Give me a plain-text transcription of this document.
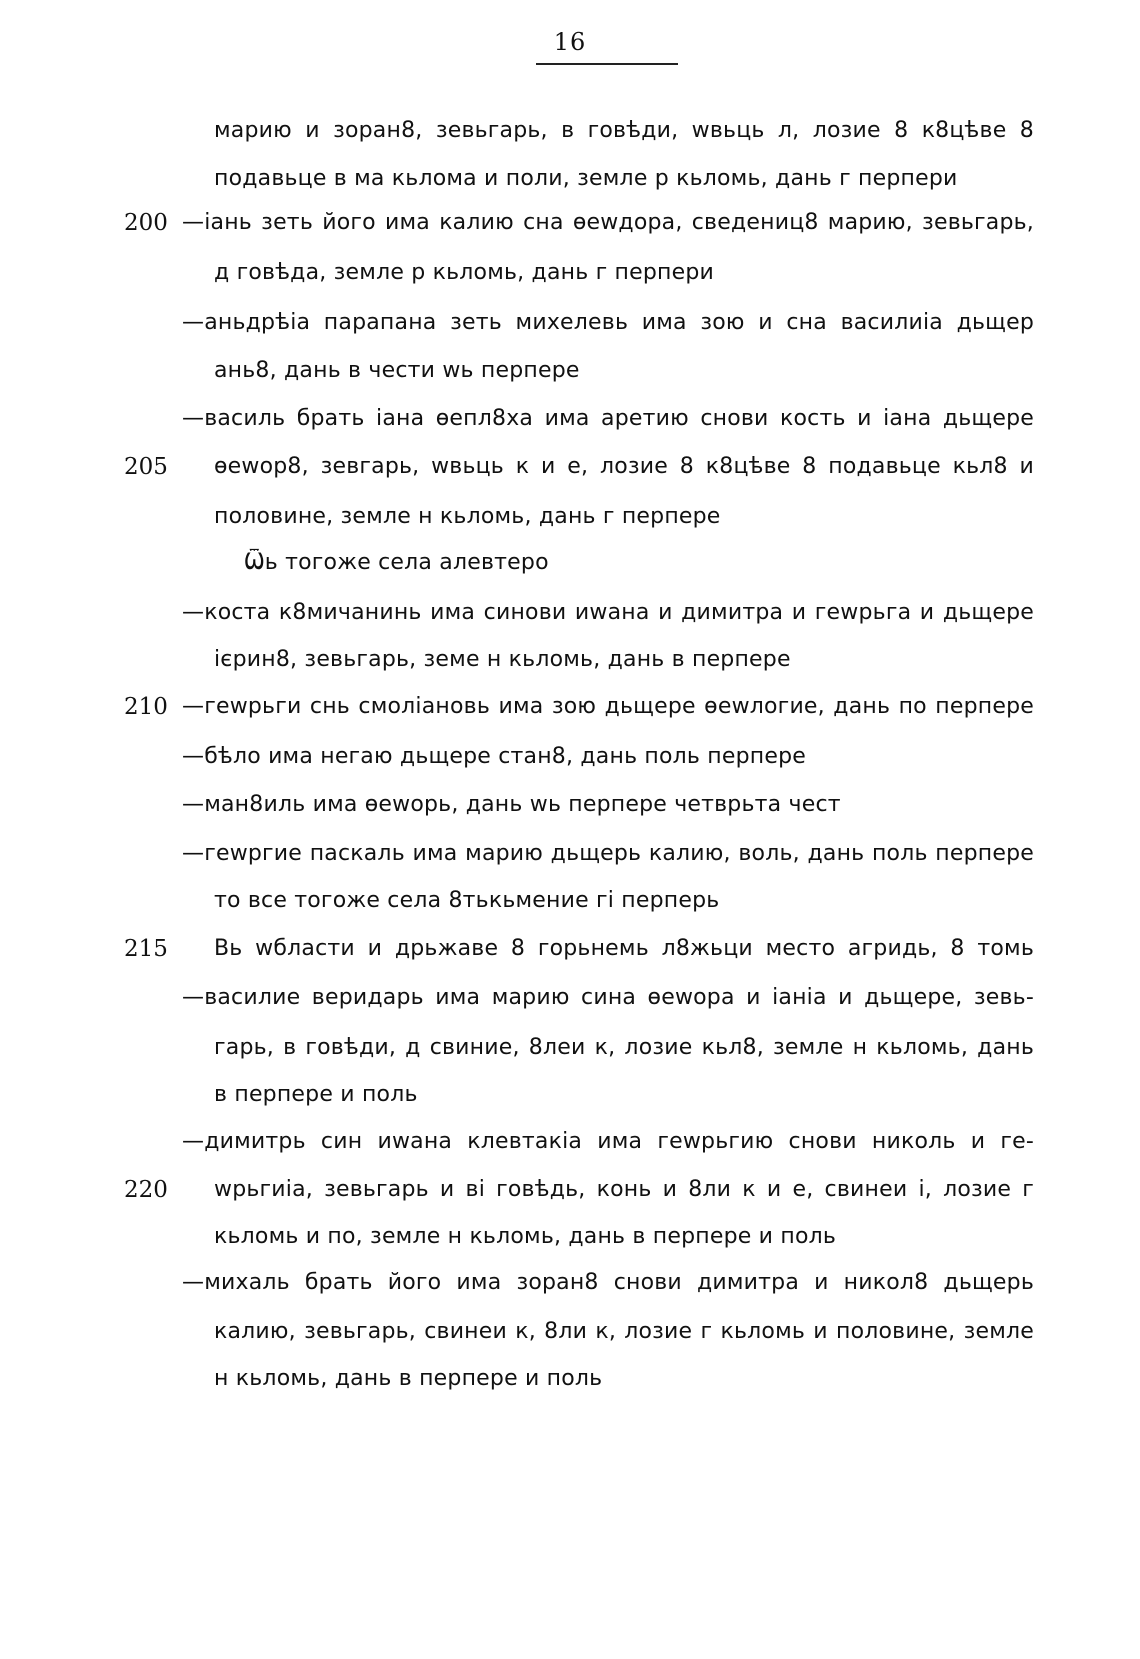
16
200
205
210
215
220
марию и зоран8, зевьгарь, в говѣди, wвьць л, лозие 8 к8цѣве 8
подавьце в ма кьлома и поли, земле р кьломь, дань г перпери
—іань зеть його има калию сна ѳеwдора, сведениц8 марию, зевьгарь,
д говѣда, земле р кьломь, дань г перпери
—аньдрѣіа парапана зеть михелевь има зою и сна василиіа дьщер
ань8, дань в чести wь перпере
—василь брать іана ѳепл8ха има аретию снови кость и іана дьщере
ѳеwор8, зевгарь, wвьць к и е, лозие 8 к8цѣве 8 подавьце кьл8 и
половине, земле н кьломь, дань г перпере
Ѿь тогоже села алевтеро
—коста к8мичанинь има синови иwана и димитра и геwрьга и дьщере
ієрин8, зевьгарь, земе н кьломь, дань в перпере
—геwрьги снь смоліановь има зою дьщере ѳеwлогие, дань по перпере
—бѣло има негаю дьщере стан8, дань поль перпере
—ман8иль има ѳеwорь, дань wь перпере четврьта чест
—геwргие паскаль има марию дьщерь калию, воль, дань поль перпере
то все тогоже села 8тькьмение гі перперь
Вь wбласти и дрьжаве 8 горьнемь л8жьци место агридь, 8 томь
—василие веридарь има марию сина ѳеwора и іаніа и дьщере, зевь-
гарь, в говѣди, д свиние, 8леи к, лозие кьл8, земле н кьломь, дань
в перпере и поль
—димитрь син иwана клевтакіа има геwрьгию снови николь и ге-
wрьгиіа, зевьгарь и ві говѣдь, конь и 8ли к и е, свинеи і, лозие г
кьломь и по, земле н кьломь, дань в перпере и поль
—михаль брать його има зоран8 снови димитра и никол8 дьщерь
калию, зевьгарь, свинеи к, 8ли к, лозие г кьломь и половине, земле
н кьломь, дань в перпере и поль
